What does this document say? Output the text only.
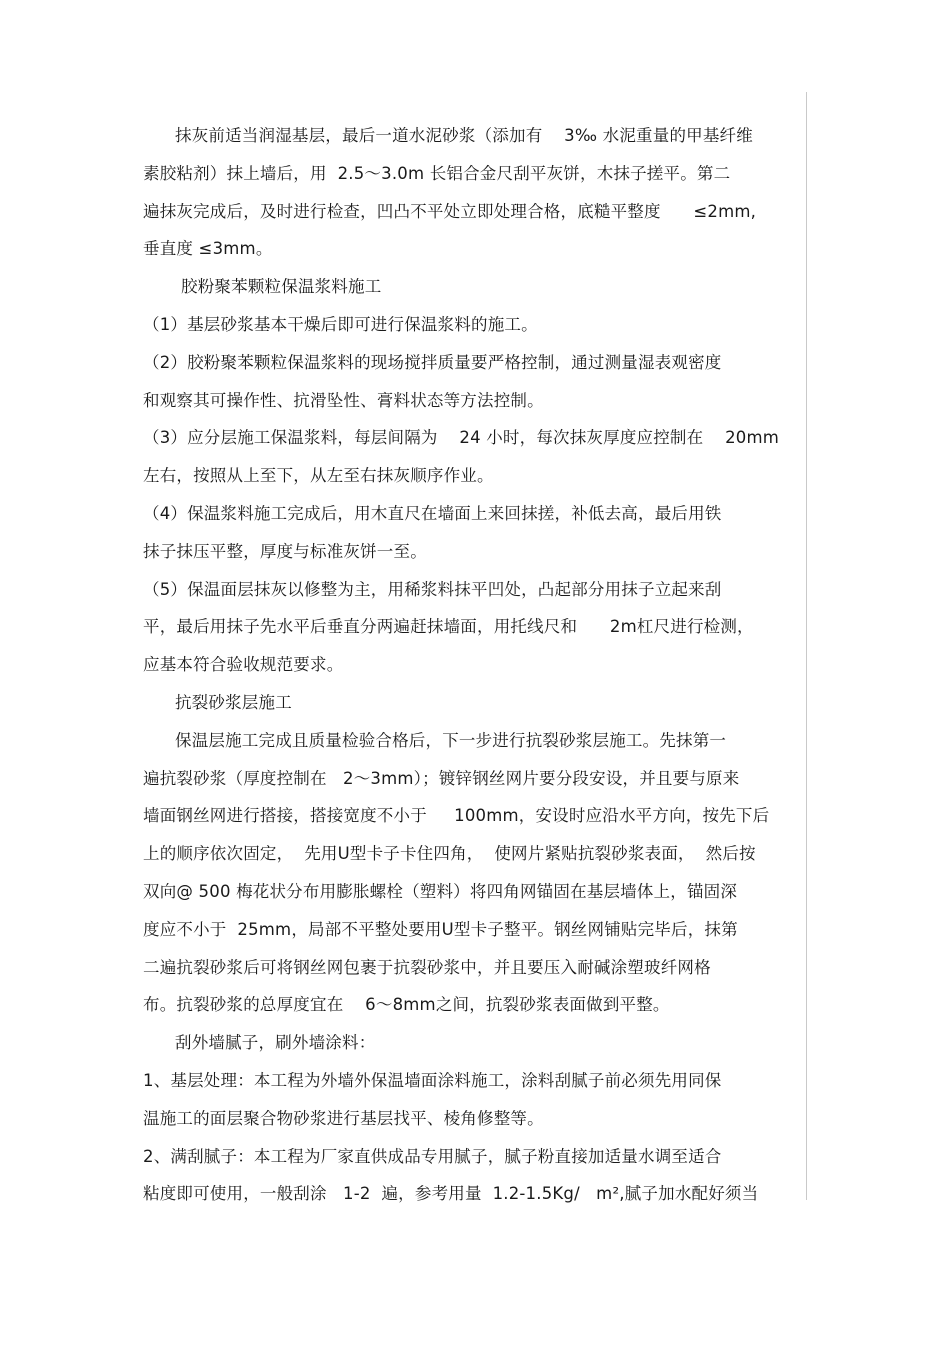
抹灰前适当润湿基层，最后一道水泥砂浆（添加有    3‰ 水泥重量的甲基纤维
素胶粘剂）抹上墙后，用  2.5～3.0m 长铝合金尺刮平灰饼，木抹子搓平。第二
遍抹灰完成后，及时进行检查，凹凸不平处立即处理合格，底糙平整度      ≤2mm,
垂直度 ≤3mm。
胶粉聚苯颗粒保温浆料施工
（1）基层砂浆基本干燥后即可进行保温浆料的施工。
（2）胶粉聚苯颗粒保温浆料的现场搅拌质量要严格控制，通过测量湿表观密度
和观察其可操作性、抗滑坠性、膏料状态等方法控制。
（3）应分层施工保温浆料，每层间隔为    24 小时，每次抹灰厚度应控制在    20mm
左右，按照从上至下，从左至右抹灰顺序作业。
（4）保温浆料施工完成后，用木直尺在墙面上来回抹搓，补低去高，最后用铁
抹子抹压平整，厚度与标准灰饼一至。
（5）保温面层抹灰以修整为主，用稀浆料抹平凹处，凸起部分用抹子立起来刮
平，最后用抹子先水平后垂直分两遍赶抹墙面，用托线尺和      2m杠尺进行检测，
应基本符合验收规范要求。
抗裂砂浆层施工
保温层施工完成且质量检验合格后，下一步进行抗裂砂浆层施工。先抹第一
遍抗裂砂浆（厚度控制在   2～3mm）；镀锌钢丝网片要分段安设，并且要与原来
墙面钢丝网进行搭接，搭接宽度不小于     100mm，安设时应沿水平方向，按先下后
上的顺序依次固定，  先用U型卡子卡住四角，  使网片紧贴抗裂砂浆表面，  然后按
双向@ 500 梅花状分布用膨胀螺栓（塑料）将四角网锚固在基层墙体上，锚固深
度应不小于  25mm，局部不平整处要用U型卡子整平。钢丝网铺贴完毕后，抹第
二遍抗裂砂浆后可将钢丝网包裹于抗裂砂浆中，并且要压入耐碱涂塑玻纤网格
布。抗裂砂浆的总厚度宜在    6～8mm之间，抗裂砂浆表面做到平整。
刮外墙腻子，刷外墙涂料：
1、基层处理：本工程为外墙外保温墙面涂料施工，涂料刮腻子前必须先用同保
温施工的面层聚合物砂浆进行基层找平、棱角修整等。
2、满刮腻子：本工程为厂家直供成品专用腻子，腻子粉直接加适量水调至适合
粘度即可使用，一般刮涂   1-2  遍，参考用量  1.2-1.5Kg/   m²,腻子加水配好须当
